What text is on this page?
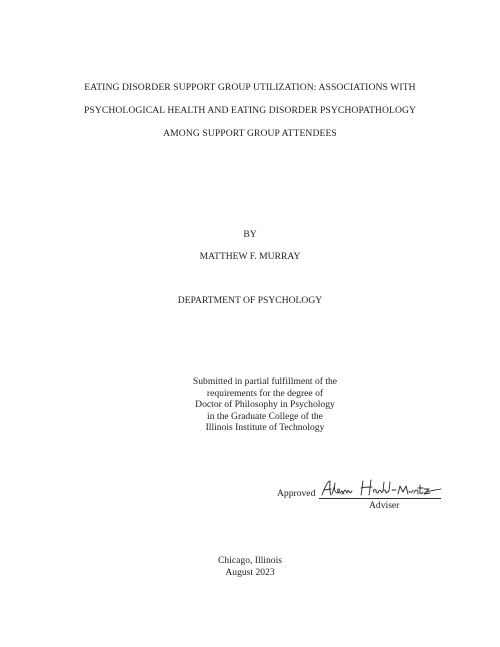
EATING DISORDER SUPPORT GROUP UTILIZATION: ASSOCIATIONS WITH
PSYCHOLOGICAL HEALTH AND EATING DISORDER PSYCHOPATHOLOGY
AMONG SUPPORT GROUP ATTENDEES
BY
MATTHEW F. MURRAY
DEPARTMENT OF PSYCHOLOGY
Submitted in partial fulfillment of the
requirements for the degree of
Doctor of Philosophy in Psychology
in the Graduate College of the
Illinois Institute of Technology
Approved
Adviser
Chicago, Illinois
August 2023
